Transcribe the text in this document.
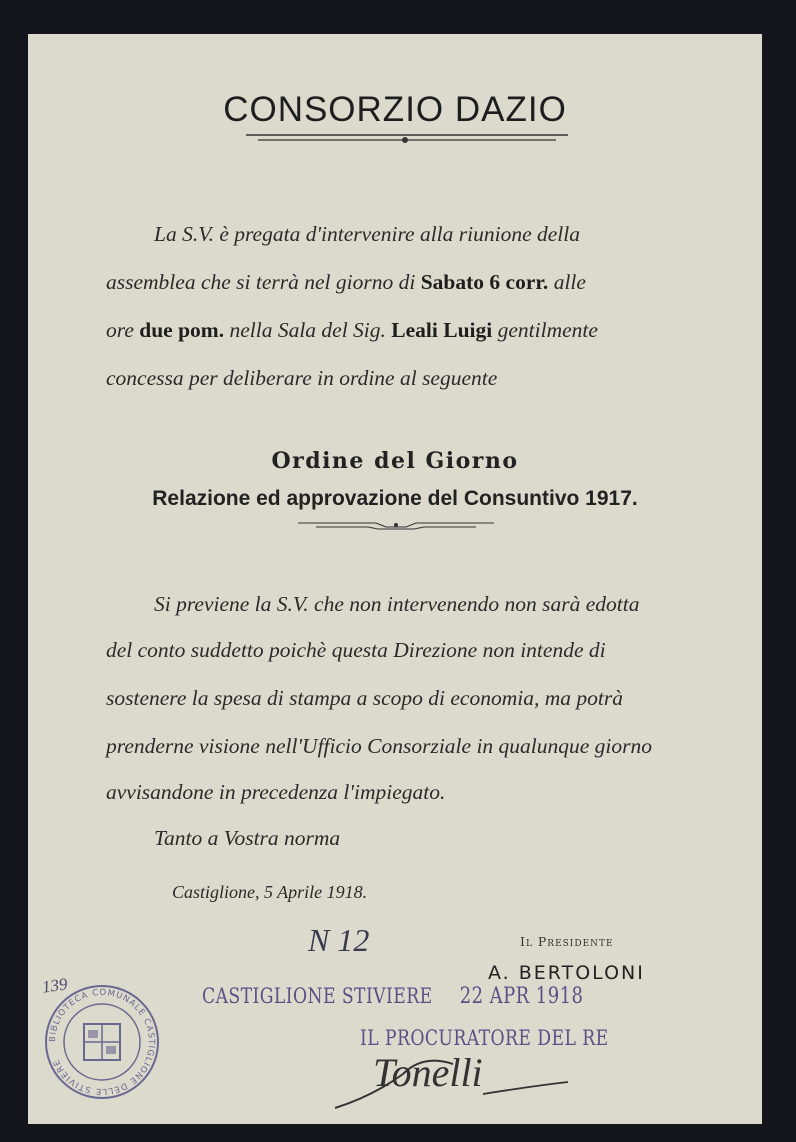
CONSORZIO DAZIO
La S.V. è pregata d'intervenire alla riunione della
assemblea che si terrà nel giorno di Sabato 6 corr. alle
ore due pom. nella Sala del Sig. Leali Luigi gentilmente
concessa per deliberare in ordine al seguente
Ordine del Giorno
Relazione ed approvazione del Consuntivo 1917.
Si previene la S.V. che non intervenendo non sarà edotta
del conto suddetto poichè questa Direzione non intende di
sostenere la spesa di stampa a scopo di economia, ma potrà
prenderne visione nell'Ufficio Consorziale in qualunque giorno
avvisandone in precedenza l'impiegato.
Tanto a Vostra norma
Castiglione, 5 Aprile 1918.
Il Presidente
A. BERTOLONI
N 12
139
BIBLIOTECA COMUNALE CASTIGLIONE DELLE STIVIERE
CASTIGLIONE STIVIERE 22 APR 1918
IL PROCURATORE DEL RE
Tonelli
